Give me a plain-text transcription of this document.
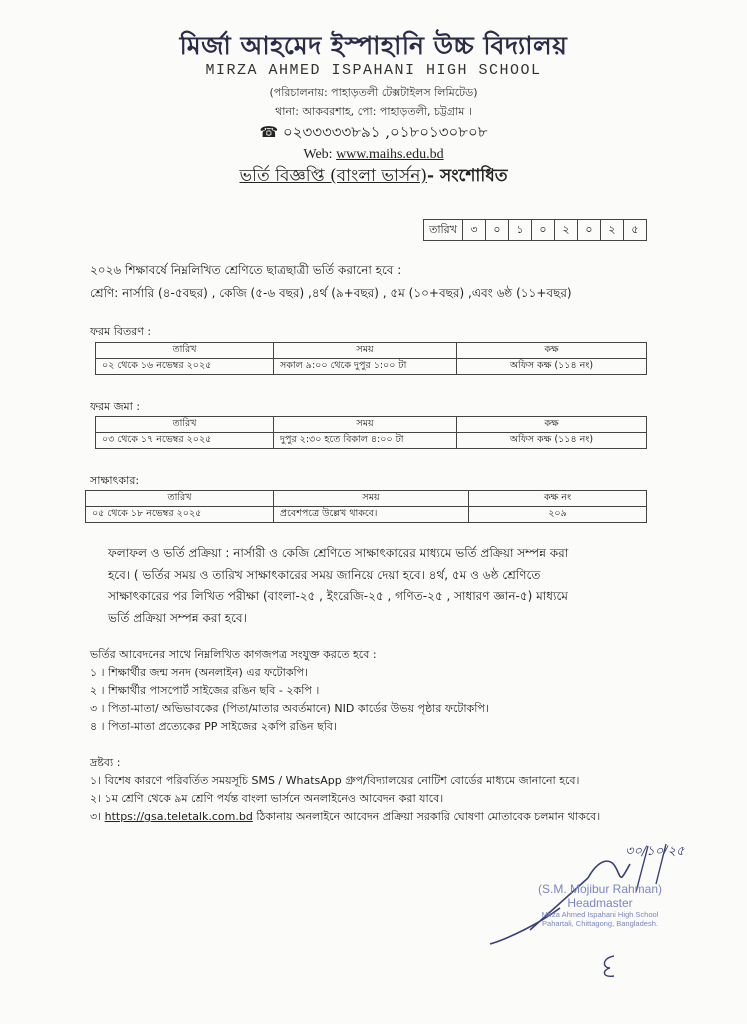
মির্জা আহমেদ ইস্পাহানি উচ্চ বিদ্যালয়
MIRZA AHMED ISPAHANI HIGH SCHOOL
(পরিচালনায়: পাহাড়তলী টেক্সটাইলস লিমিটেড)
থানা: আকবরশাহ, পো: পাহাড়তলী, চট্টগ্রাম ।
☎ ০২৩৩৩৩৩৮৯১ ,০১৮০১৩০৮০৮
Web: www.maihs.edu.bd
ভর্তি বিজ্ঞপ্তি (বাংলা ভার্সন)- সংশোধিত
তারিখ	৩	০	১	০	২	০	২	৫
২০২৬ শিক্ষাবর্ষে নিম্নলিখিত শ্রেণিতে ছাত্রছাত্রী ভর্তি করানো হবে :
শ্রেণি: নার্সারি (৪-৫বছর) , কেজি (৫-৬ বছর) ,৪র্থ (৯+বছর) , ৫ম (১০+বছর) ,এবং ৬ষ্ঠ (১১+বছর)
ফরম বিতরণ :
তারিখ	সময়	কক্ষ
০২ থেকে ১৬ নভেম্বর ২০২৫	সকাল ৯:০০ থেকে দুপুর ১:০০ টা	অফিস কক্ষ (১১৪ নং)
ফরম জমা :
তারিখ	সময়	কক্ষ
০৩ থেকে ১৭ নভেম্বর ২০২৫	দুপুর ২:৩০ হতে বিকাল ৪:০০ টা	অফিস কক্ষ (১১৪ নং)
সাক্ষাৎকার:
তারিখ	সময়	কক্ষ নং
০৫ থেকে ১৮ নভেম্বর ২০২৫	প্রবেশপত্রে উল্লেখ থাকবে।	২০৯
ফলাফল ও ভর্তি প্রক্রিয়া : নার্সারী ও কেজি শ্রেণিতে সাক্ষাৎকারের মাধ্যমে ভর্তি প্রক্রিয়া সম্পন্ন করা
হবে। ( ভর্তির সময় ও তারিখ সাক্ষাৎকারের সময় জানিয়ে দেয়া হবে। ৪র্থ, ৫ম ও ৬ষ্ঠ শ্রেণিতে
সাক্ষাৎকারের পর লিখিত পরীক্ষা (বাংলা-২৫ , ইংরেজি-২৫ , গণিত-২৫ , সাধারণ জ্ঞান-৫) মাধ্যমে
ভর্তি প্রক্রিয়া সম্পন্ন করা হবে।
ভর্তির আবেদনের সাথে নিম্নলিখিত কাগজপত্র সংযুক্ত করতে হবে :
১ । শিক্ষার্থীর জন্ম সনদ (অনলাইন) এর ফটোকপি।
২ । শিক্ষার্থীর পাসপোর্ট সাইজের রঙিন ছবি - ২কপি ।
৩ । পিতা-মাতা/ অভিভাবকের (পিতা/মাতার অবর্তমানে) NID কার্ডের উভয় পৃষ্ঠার ফটোকপি।
৪ । পিতা-মাতা প্রত্যেকের PP সাইজের ২কপি রঙিন ছবি।
দ্রষ্টব্য :
১। বিশেষ কারণে পরিবর্তিত সময়সূচি SMS / WhatsApp গ্রুপ/বিদ্যালয়ের নোটিশ বোর্ডের মাধ্যমে জানানো হবে।
২। ১ম শ্রেণি থেকে ৯ম শ্রেণি পর্যন্ত বাংলা ভার্সনে অনলাইনেও আবেদন করা যাবে।
৩। https://gsa.teletalk.com.bd ঠিকানায় অনলাইনে আবেদন প্রক্রিয়া সরকারি ঘোষণা মোতাবেক চলমান থাকবে।
৩০/১০/২৫
(S.M. Mojibur Rahman)
Headmaster
Mirza Ahmed Ispahani High School
Pahartali, Chittagong, Bangladesh.
